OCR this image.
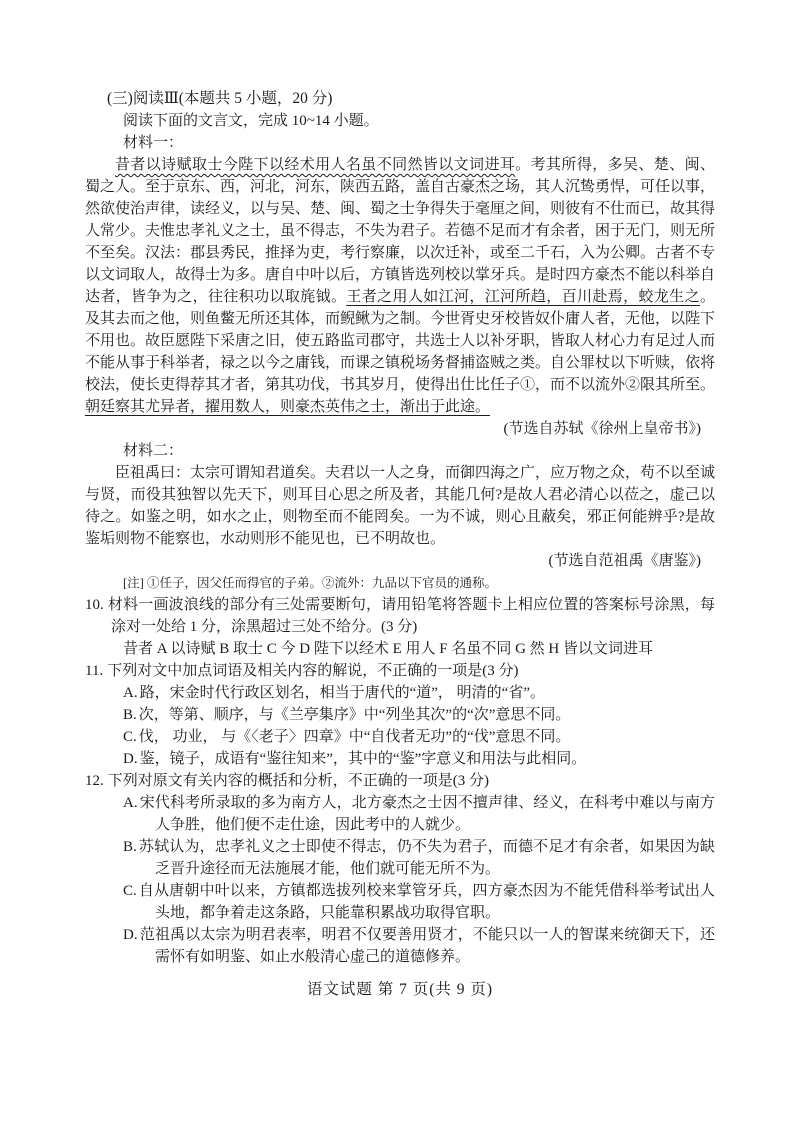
(三)阅读Ⅲ(本题共 5 小题，20 分)
阅读下面的文言文，完成 10~14 小题。
材料一：
昔者以诗赋取士今陛下以经术用人名虽不同然皆以文词进耳。考其所得，多吴、楚、闽、蜀之人。至于京东、西，河北，河东，陕西五路，盖自古豪杰之场，其人沉鸷勇悍，可任以事，然欲使治声律，读经义，以与吴、楚、闽、蜀之士争得失于毫厘之间，则彼有不仕而已，故其得人常少。夫惟忠孝礼义之士，虽不得志，不失为君子。若德不足而才有余者，困于无门，则无所不至矣。汉法：郡县秀民，推择为吏，考行察廉，以次迁补，或至二千石，入为公卿。古者不专以文词取人，故得士为多。唐自中叶以后，方镇皆选列校以掌牙兵。是时四方豪杰不能以科举自达者，皆争为之，往往积功以取旄钺。王者之用人如江河，江河所趋，百川赴焉，蛟龙生之。及其去而之他，则鱼鳖无所还其体，而鲵鳅为之制。今世胥史牙校皆奴仆庸人者，无他，以陛下不用也。故臣愿陛下采唐之旧，使五路监司郡守，共选士人以补牙职，皆取人材心力有足过人而不能从事于科举者，禄之以今之庸钱，而课之镇税场务督捕盗贼之类。自公罪杖以下听赎，依将校法，使长吏得荐其才者，第其功伐，书其岁月，使得出仕比任子①，而不以流外②限其所至。朝廷察其尤异者，擢用数人，则豪杰英伟之士，渐出于此途。
(节选自苏轼《徐州上皇帝书》)
材料二：
臣祖禹曰：太宗可谓知君道矣。夫君以一人之身，而御四海之广，应万物之众，苟不以至诚与贤，而役其独智以先天下，则耳目心思之所及者，其能几何?是故人君必清心以莅之，虚己以待之。如鉴之明，如水之止，则物至而不能罔矣。一为不诚，则心且蔽矣，邪正何能辨乎?是故鉴垢则物不能察也，水动则形不能见也，已不明故也。
(节选自范祖禹《唐鉴》)
[注] ①任子，因父任而得官的子弟。②流外：九品以下官员的通称。
10. 材料一画波浪线的部分有三处需要断句，请用铅笔将答题卡上相应位置的答案标号涂黑，每涂对一处给 1 分，涂黑超过三处不给分。(3 分)
昔者 A 以诗赋 B 取士 C 今 D 陛下以经术 E 用人 F 名虽不同 G 然 H 皆以文词进耳
11. 下列对文中加点词语及相关内容的解说，不正确的一项是(3 分)
A. 路，宋金时代行政区划名，相当于唐代的“道”， 明清的“省”。
B. 次，等第、顺序，与《兰亭集序》中“列坐其次”的“次”意思不同。
C. 伐， 功业， 与《〈老子〉四章》中“自伐者无功”的“伐”意思不同。
D. 鉴，镜子，成语有“鉴往知来”，其中的“鉴”字意义和用法与此相同。
12. 下列对原文有关内容的概括和分析，不正确的一项是(3 分)
A. 宋代科考所录取的多为南方人，北方豪杰之士因不擅声律、经义，在科考中难以与南方人争胜，他们便不走仕途，因此考中的人就少。
B. 苏轼认为，忠孝礼义之士即使不得志，仍不失为君子，而德不足才有余者，如果因为缺乏晋升途径而无法施展才能，他们就可能无所不为。
C. 自从唐朝中叶以来，方镇都选拔列校来掌管牙兵，四方豪杰因为不能凭借科举考试出人头地，都争着走这条路，只能靠积累战功取得官职。
D. 范祖禹以太宗为明君表率，明君不仅要善用贤才，不能只以一人的智谋来统御天下，还需怀有如明鉴、如止水般清心虚己的道德修养。
语文试题 第 7 页(共 9 页)
